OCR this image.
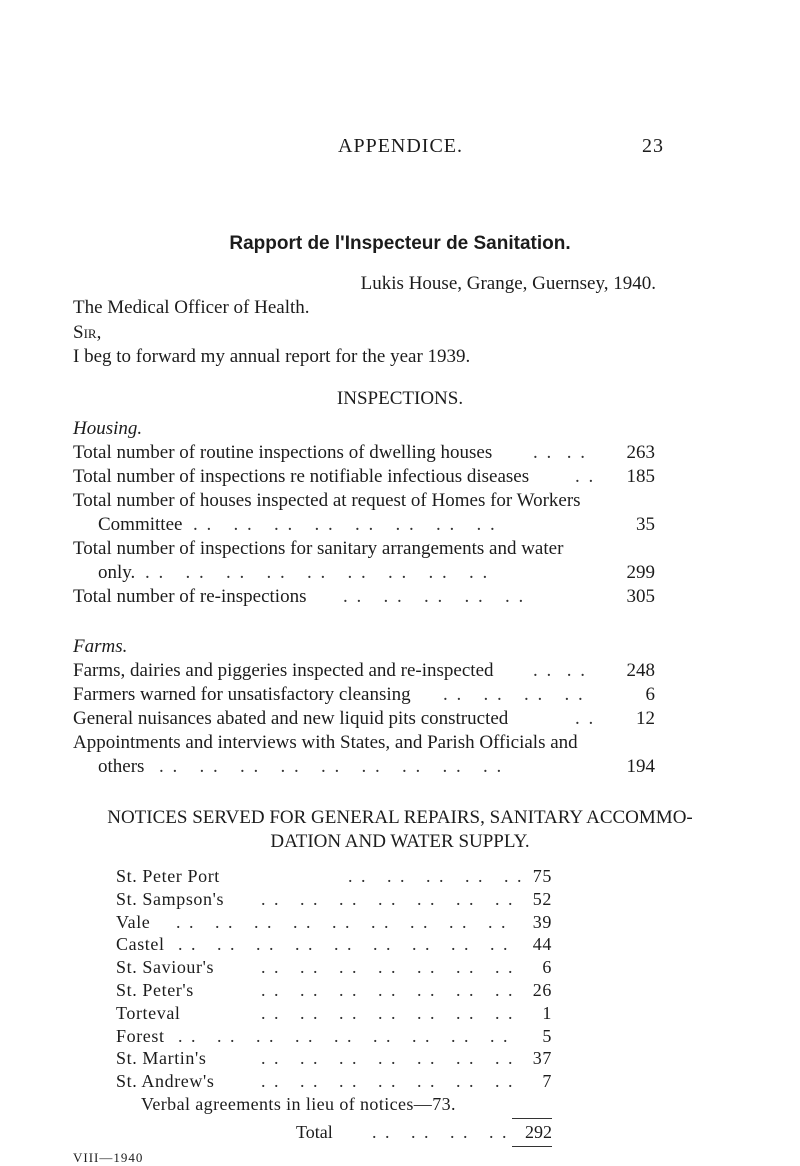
APPENDICE.	23
Rapport de l'Inspecteur de Sanitation.
Lukis House, Grange, Guernsey, 1940.
The Medical Officer of Health.
Sir,
I beg to forward my annual report for the year 1939.
INSPECTIONS.
Housing.
Total number of routine inspections of dwelling houses . .  . . 263
Total number of inspections re notifiable infectious diseases . . 185
Total number of houses inspected at request of Homes for Workers
Committee . .   . .   . .   . .   . .   . .   . .   . .	35
Total number of inspections for sanitary arrangements and water
only. . .   . .   . .   . .   . .   . .   . .   . .   . .	299
Total number of re-inspections . .   . .   . .   . .   . .	305
Farms.
Farms, dairies and piggeries inspected and re-inspected . .  . . 248
Farmers warned for unsatisfactory cleansing . .   . .   . .   . .	6
General nuisances abated and new liquid pits constructed	. . 12
Appointments and interviews with States, and Parish Officials and
others . .   . .   . .   . .   . .   . .   . .   . .   . .	194
NOTICES SERVED FOR GENERAL REPAIRS, SANITARY ACCOMMO-
DATION AND WATER SUPPLY.
St. Peter Port	. .   . .   . .   . .   . . 75
St. Sampson's . .   . .   . .   . .   . .   . .   . . 52
Vale . .   . .   . .   . .   . .   . .   . .   . .   . . 39
Castel . .   . .   . .   . .   . .   . .   . .   . .   . . 44
St. Saviour's	. .   . .   . .   . .   . .   . .   . . 6
St. Peter's	. .   . .   . .   . .   . .   . .   . . 26
Torteval	. .   . .   . .   . .   . .   . .   . . 1
Forest . .   . .   . .   . .   . .   . .   . .   . .   . . 5
St. Martin's	. .   . .   . .   . .   . .   . .   . . 37
St. Andrew's	. .   . .   . .   . .   . .   . .   . . 7
Verbal agreements in lieu of notices—73.
Total . .   . .   . .   . . 292
VIII—1940
